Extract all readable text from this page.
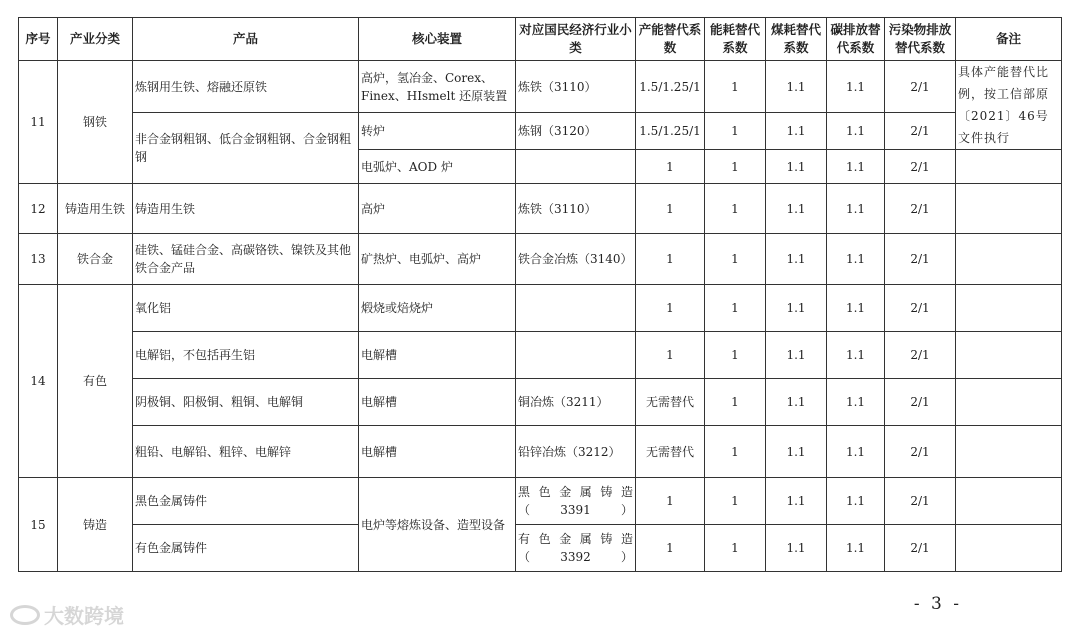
序号	产业分类	产品	核心装置	对应国民经济行业小类	产能替代系数	能耗替代系数	煤耗替代系数	碳排放替代系数	污染物排放替代系数	备注
11	钢铁	炼钢用生铁、熔融还原铁	高炉，氢冶金、Corex、Finex、HIsmelt 还原装置	炼铁（3110）	1.5/1.25/1	1	1.1	1.1	2/1	具体产能替代比例，按工信部原〔2021〕46号文件执行
		非合金钢粗钢、低合金钢粗钢、合金钢粗钢	转炉	炼钢（3120）	1.5/1.25/1	1	1.1	1.1	2/1	
			电弧炉、AOD 炉		1	1	1.1	1.1	2/1	
12	铸造用生铁	铸造用生铁	高炉	炼铁（3110）	1	1	1.1	1.1	2/1	
13	铁合金	硅铁、锰硅合金、高碳铬铁、镍铁及其他铁合金产品	矿热炉、电弧炉、高炉	铁合金冶炼（3140）	1	1	1.1	1.1	2/1	
14	有色	氧化铝	煅烧或焙烧炉		1	1	1.1	1.1	2/1	
		电解铝，不包括再生铝	电解槽		1	1	1.1	1.1	2/1	
		阴极铜、阳极铜、粗铜、电解铜	电解槽	铜冶炼（3211）	无需替代	1	1.1	1.1	2/1	
		粗铅、电解铅、粗锌、电解锌	电解槽	铅锌冶炼（3212）	无需替代	1	1.1	1.1	2/1	
15	铸造	黑色金属铸件	电炉等熔炼设备、造型设备	黑色金属铸造（3391）	1	1	1.1	1.1	2/1	
		有色金属铸件		有色金属铸造（3392）	1	1	1.1	1.1	2/1	
大数跨境	- 3 -
